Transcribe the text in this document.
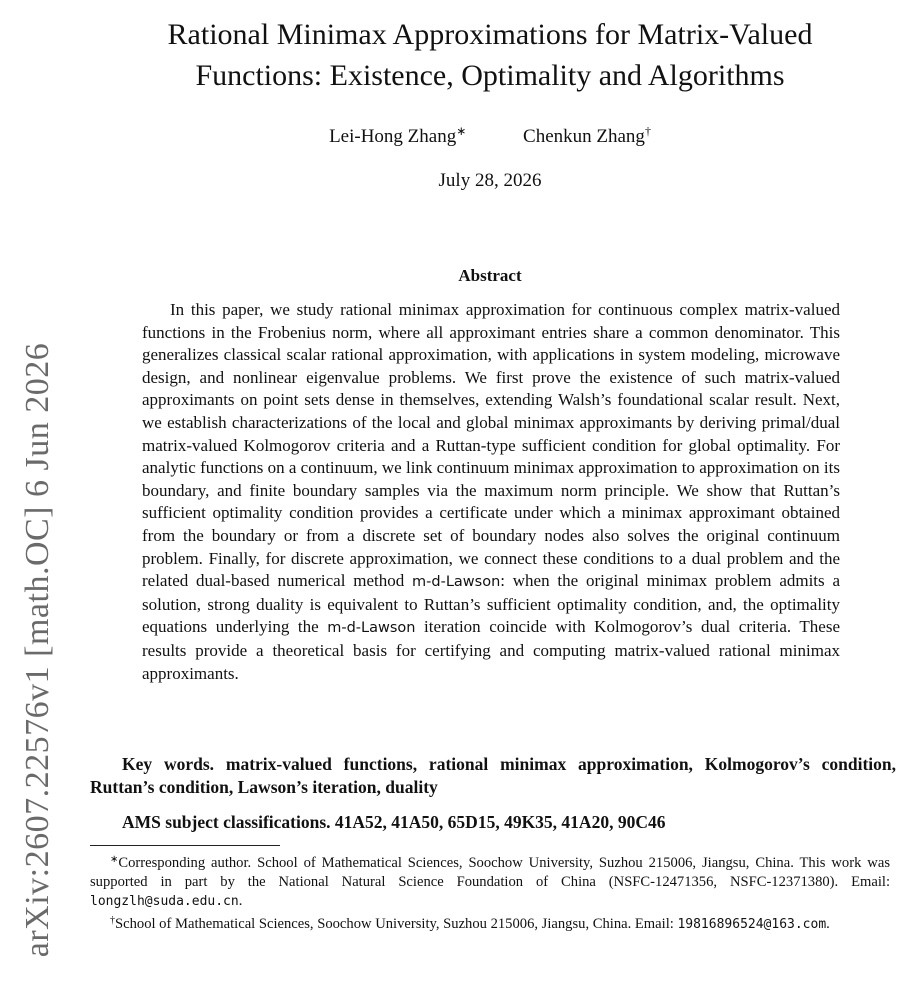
arXiv:2607.22576v1 [math.OC] 6 Jun 2026
Rational Minimax Approximations for Matrix-Valued
Functions: Existence, Optimality and Algorithms
Lei-Hong Zhang∗	Chenkun Zhang†
July 28, 2026
Abstract

In this paper, we study rational minimax approximation for continuous complex matrix-valued functions in the Frobenius norm, where all approximant entries share a common denominator. This generalizes classical scalar rational approximation, with applications in system modeling, microwave design, and nonlinear eigenvalue problems. We first prove the existence of such matrix-valued approximants on point sets dense in themselves, extending Walsh’s foundational scalar result. Next, we establish characterizations of the local and global minimax approximants by deriving primal/dual matrix-valued Kolmogorov criteria and a Ruttan-type sufficient condition for global optimality. For analytic functions on a continuum, we link continuum minimax approximation to approximation on its boundary, and finite boundary samples via the maximum norm principle. We show that Ruttan’s sufficient optimality condition provides a certificate under which a minimax approximant obtained from the boundary or from a discrete set of boundary nodes also solves the original continuum problem. Finally, for discrete approximation, we connect these conditions to a dual problem and the related dual-based numerical method m-d-Lawson: when the original minimax problem admits a solution, strong duality is equivalent to Ruttan’s sufficient optimality condition, and, the optimality equations underlying the m-d-Lawson iteration coincide with Kolmogorov’s dual criteria. These results provide a theoretical basis for certifying and computing matrix-valued rational minimax approximants.

Key words. matrix-valued functions, rational minimax approximation, Kolmogorov’s condition, Ruttan’s condition, Lawson’s iteration, duality

AMS subject classifications. 41A52, 41A50, 65D15, 49K35, 41A20, 90C46

∗Corresponding author. School of Mathematical Sciences, Soochow University, Suzhou 215006, Jiangsu, China. This work was supported in part by the National Natural Science Foundation of China (NSFC-12471356, NSFC-12371380). Email: longzlh@suda.edu.cn.

†School of Mathematical Sciences, Soochow University, Suzhou 215006, Jiangsu, China. Email: 19816896524@163.com.
